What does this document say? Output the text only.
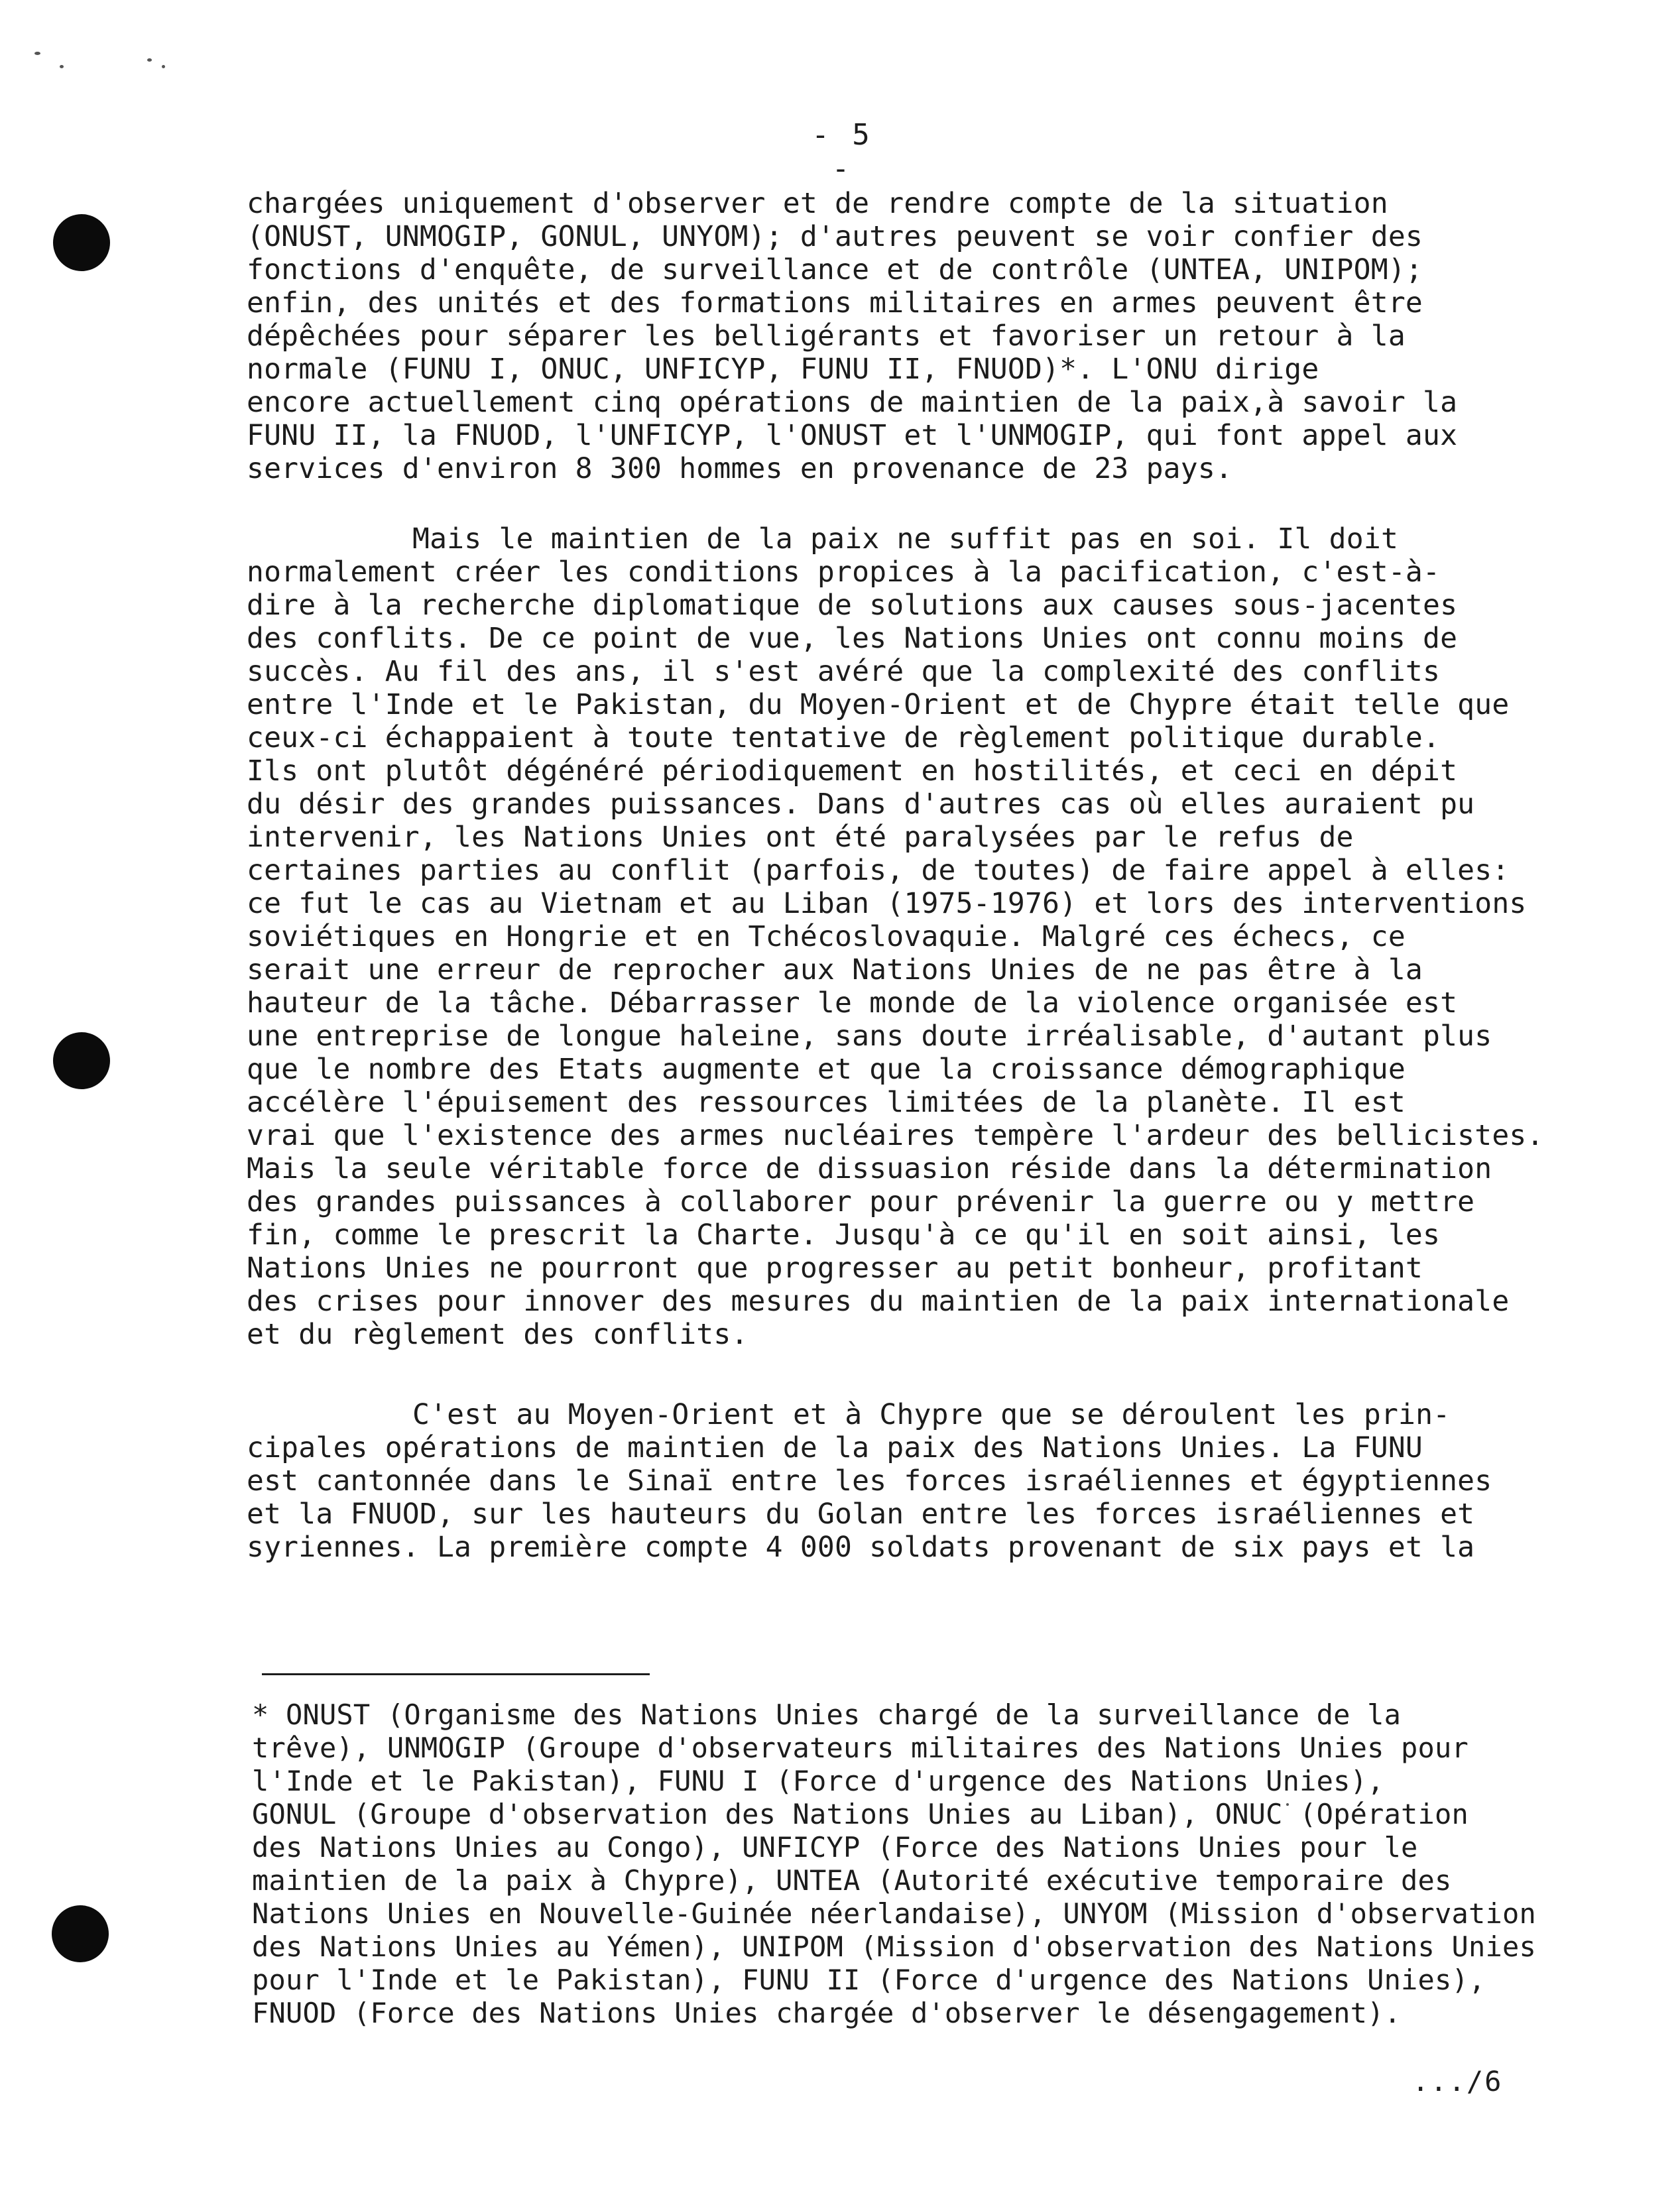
- 5 -
chargées uniquement d'observer et de rendre compte de la situation
(ONUST, UNMOGIP, GONUL, UNYOM); d'autres peuvent se voir confier des
fonctions d'enquête, de surveillance et de contrôle (UNTEA, UNIPOM);
enfin, des unités et des formations militaires en armes peuvent être
dépêchées pour séparer les belligérants et favoriser un retour à la
normale (FUNU I, ONUC, UNFICYP, FUNU II, FNUOD)*. L'ONU dirige
encore actuellement cinq opérations de maintien de la paix,à savoir la
FUNU II, la FNUOD, l'UNFICYP, l'ONUST et l'UNMOGIP, qui font appel aux
services d'environ 8 300 hommes en provenance de 23 pays.
Mais le maintien de la paix ne suffit pas en soi. Il doit
normalement créer les conditions propices à la pacification, c'est-à-
dire à la recherche diplomatique de solutions aux causes sous-jacentes
des conflits. De ce point de vue, les Nations Unies ont connu moins de
succès. Au fil des ans, il s'est avéré que la complexité des conflits
entre l'Inde et le Pakistan, du Moyen-Orient et de Chypre était telle que
ceux-ci échappaient à toute tentative de règlement politique durable.
Ils ont plutôt dégénéré périodiquement en hostilités, et ceci en dépit
du désir des grandes puissances. Dans d'autres cas où elles auraient pu
intervenir, les Nations Unies ont été paralysées par le refus de
certaines parties au conflit (parfois, de toutes) de faire appel à elles:
ce fut le cas au Vietnam et au Liban (1975-1976) et lors des interventions
soviétiques en Hongrie et en Tchécoslovaquie. Malgré ces échecs, ce
serait une erreur de reprocher aux Nations Unies de ne pas être à la
hauteur de la tâche. Débarrasser le monde de la violence organisée est
une entreprise de longue haleine, sans doute irréalisable, d'autant plus
que le nombre des Etats augmente et que la croissance démographique
accélère l'épuisement des ressources limitées de la planète. Il est
vrai que l'existence des armes nucléaires tempère l'ardeur des bellicistes.
Mais la seule véritable force de dissuasion réside dans la détermination
des grandes puissances à collaborer pour prévenir la guerre ou y mettre
fin, comme le prescrit la Charte. Jusqu'à ce qu'il en soit ainsi, les
Nations Unies ne pourront que progresser au petit bonheur, profitant
des crises pour innover des mesures du maintien de la paix internationale
et du règlement des conflits.
C'est au Moyen-Orient et à Chypre que se déroulent les prin-
cipales opérations de maintien de la paix des Nations Unies. La FUNU
est cantonnée dans le Sinaï entre les forces israéliennes et égyptiennes
et la FNUOD, sur les hauteurs du Golan entre les forces israéliennes et
syriennes. La première compte 4 000 soldats provenant de six pays et la
* ONUST (Organisme des Nations Unies chargé de la surveillance de la
trêve), UNMOGIP (Groupe d'observateurs militaires des Nations Unies pour
l'Inde et le Pakistan), FUNU I (Force d'urgence des Nations Unies),
GONUL (Groupe d'observation des Nations Unies au Liban), ONUC (Opération
des Nations Unies au Congo), UNFICYP (Force des Nations Unies pour le
maintien de la paix à Chypre), UNTEA (Autorité exécutive temporaire des
Nations Unies en Nouvelle-Guinée néerlandaise), UNYOM (Mission d'observation
des Nations Unies au Yémen), UNIPOM (Mission d'observation des Nations Unies
pour l'Inde et le Pakistan), FUNU II (Force d'urgence des Nations Unies),
FNUOD (Force des Nations Unies chargée d'observer le désengagement).
.../6
